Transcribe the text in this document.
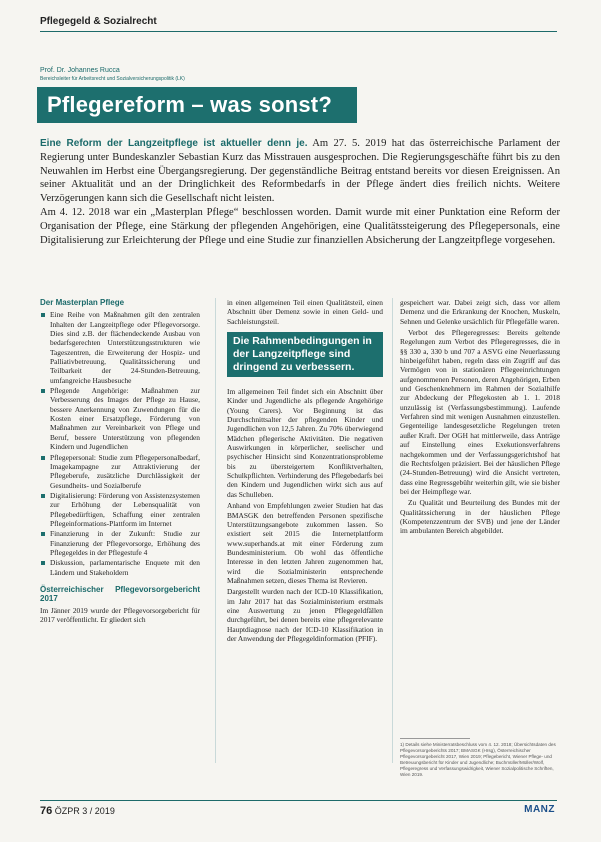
Pflegegeld & Sozialrecht
Prof. Dr. Johannes Rucca
Bereichsleiter für Arbeitsrecht und Sozialversicherungspolitik (LK)
Pflegereform – was sonst?

Eine Reform der Langzeitpflege ist aktueller denn je. Am 27. 5. 2019 hat das österreichische Parlament der Regierung unter Bundeskanzler Sebastian Kurz das Misstrauen ausgesprochen. Die Regierungsgeschäfte führt bis zu den Neuwahlen im Herbst eine Übergangsregierung. Der gegenständliche Beitrag entstand bereits vor diesen Ereignissen. An seiner Aktualität und an der Dringlichkeit des Reformbedarfs in der Pflege ändert dies freilich nichts. Weitere Verzögerungen kann sich die Gesellschaft nicht leisten.

Am 4. 12. 2018 war ein „Masterplan Pflege“ beschlossen worden. Damit wurde mit einer Punktation eine Reform der Organisation der Pflege, eine Stärkung der pflegenden Angehörigen, eine Qualitätssteigerung des Pflegepersonals, eine Digitalisierung zur Erleichterung der Pflege und eine Studie zur finanziellen Absicherung der Langzeitpflege vorgesehen.

Der Masterplan Pflege
Eine Reihe von Maßnahmen gilt den zentralen Inhalten der Langzeitpflege oder Pflegevorsorge. Dies sind z.B. der flächendeckende Ausbau von bedarfsgerechten Unterstützungsstrukturen wie Tageszentren, die Erweiterung der Hospiz- und Palliativbetreuung, Qualitätssicherung und Teilbarkeit der 24-Stunden-Betreuung, umfangreiche Hausbesuche
Pflegende Angehörige: Maßnahmen zur Verbesserung des Images der Pflege zu Hause, bessere Anerkennung von Zuwendungen für die Kosten einer Ersatzpflege, Förderung von Maßnahmen zur Vereinbarkeit von Pflege und Beruf, bessere Unterstützung von pflegenden Kindern und Jugendlichen
Pflegepersonal: Studie zum Pflegepersonalbedarf, Imagekampagne zur Attraktivierung der Pflegeberufe, zusätzliche Durchlässigkeit der Gesundheits- und Sozialberufe
Digitalisierung: Förderung von Assistenzsystemen zur Erhöhung der Lebensqualität von Pflegebedürftigen, Schaffung einer zentralen Pflegeinformations-Plattform im Internet
Finanzierung in der Zukunft: Studie zur Finanzierung der Pflegevorsorge, Erhöhung des Pflegegeldes in der Pflegestufe 4
Diskussion, parlamentarische Enquete mit den Ländern und Stakeholdern
Österreichischer Pflegevorsorgebericht 2017

Im Jänner 2019 wurde der Pflegevorsorgebericht für 2017 veröffentlicht. Er gliedert sich

in einen allgemeinen Teil einen Qualitätsteil, einen Abschnitt über Demenz sowie in einen Geld- und Sachleistungsteil.

Die Rahmenbedingungen in der Langzeitpflege sind dringend zu verbessern.

Im allgemeinen Teil findet sich ein Abschnitt über Kinder und Jugendliche als pflegende Angehörige (Young Carers). Vor Beginnung ist das Durchschnittsalter der pflegenden Kinder und Jugendlichen von 12,5 Jahren. Zu 70% überwiegend Mädchen pflegerische Aktivitäten. Die negativen Auswirkungen in körperlicher, seelischer und psychischer Hinsicht sind Konzentrationsprobleme bis zu übersteigertem Konfliktverhalten, Schulkpflichten. Verhinderung des Pflegebedarfs bei den Kindern und Jugendlichen wirkt sich aus auf das Schulleben.

Anhand von Empfehlungen zweier Studien hat das BMASGK den betreffenden Personen spezifische Unterstützungsangebote zukommen lassen. So existiert seit 2015 die Internetplattform www.superhands.at mit einer Förderung zum Bundesministerium. Ob wohl das öffentliche Interesse in den letzten Jahren zugenommen hat, wird die Sozialministerin entsprechende Maßnahmen setzen, dieses Thema ist Revieren.

Dargestellt wurden nach der ICD-10 Klassifikation, im Jahr 2017 hat das Sozialministerium erstmals eine Auswertung zu jenen Pflegegeldfällen durchgeführt, bei denen bereits eine pflegerelevante Hauptdiagnose nach der ICD-10 Klassifikation in der Anwendung der Pflegegeldinformation (PFIF).

gespeichert war. Dabei zeigt sich, dass vor allem Demenz und die Erkrankung der Knochen, Muskeln, Sehnen und Gelenke ursächlich für Pflegefälle waren.

Verbot des Pflegeregresses: Bereits geltende Regelungen zum Verbot des Pflegeregresses, die in §§ 330 a, 330 b und 707 a ASVG eine Neuerlassung hinbeigeführt haben, regeln dass ein Zugriff auf das Vermögen von in stationären Pflegeeinrichtungen aufgenommenen Personen, deren Angehörigen, Erben und Geschenknehmern im Rahmen der Sozialhilfe zur Abdeckung der Pflegekosten ab 1. 1. 2018 unzulässig ist (Verfassungsbestimmung). Laufende Verfahren sind mit wenigen Ausnahmen einzustellen. Gegenteilige landesgesetzliche Regelungen treten außer Kraft. Der OGH hat mittlerweile, dass Anträge auf Einstellung eines Exekutionsverfahrens nachgekommen und der Verfassungsgerichtshof hat die Rechtsfolgen präzisiert. Bei der häuslichen Pflege (24-Stunden-Betreuung) wird die Ansicht vertreten, dass eine Regressgebühr weiterhin gilt, wie sie bisher bei der Heimpflege war.

Zu Qualität und Beurteilung des Bundes mit der Qualitätssicherung in der häuslichen Pflege (Kompetenzzentrum der SVB) und jene der Länder im ambulanten Bereich abgebildet.

1) Details siehe Ministerratsbeschluss vom 4. 12. 2018; Übersichtsdaten des Pflegevorsorgeberichts 2017; BMASGK (Hrsg), Österreichischer Pflegevorsorgebericht 2017, Wien 2019; Pflegebericht, Wiener Pflege- und Betreuungsbericht für Kinder und Jugendliche; Buchmüller/Müller/Wolf, Pflegeregress und Verfassungswidrigkeit, Wiener Sozialpolitische Schriften, Wien 2019.
76 ÖZPR 3 / 2019	MANZ
